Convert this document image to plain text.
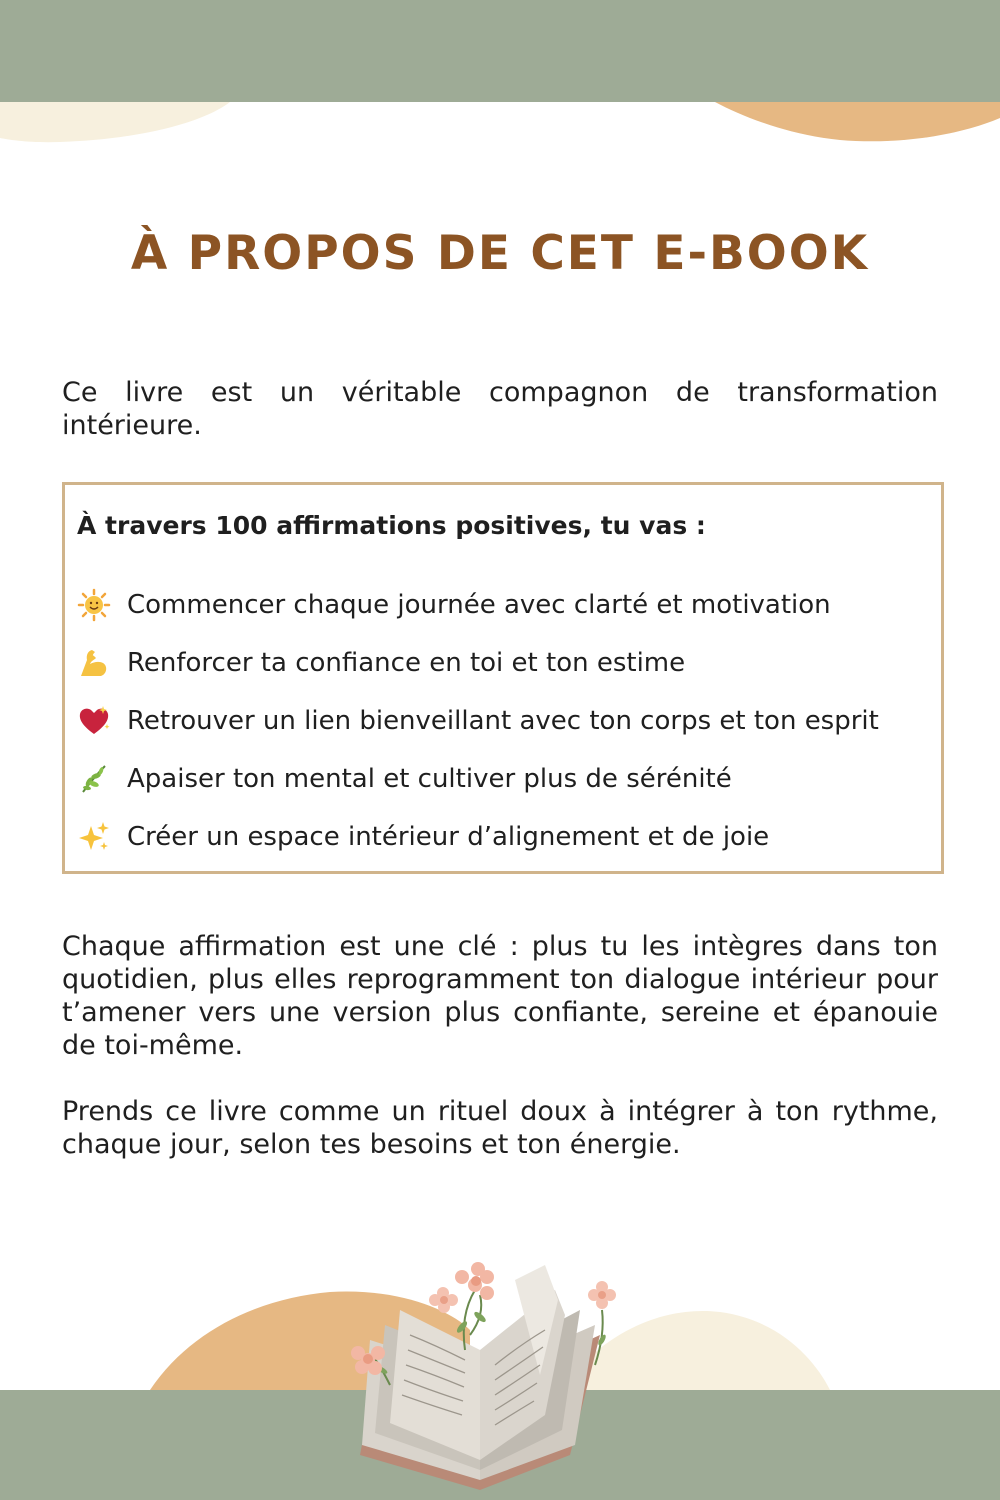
À PROPOS DE CET E-BOOK

Ce livre est un véritable compagnon de transformation intérieure.

À travers 100 affirmations positives, tu vas :

Commencer chaque journée avec clarté et motivation
Renforcer ta confiance en toi et ton estime
Retrouver un lien bienveillant avec ton corps et ton esprit
Apaiser ton mental et cultiver plus de sérénité
Créer un espace intérieur d’alignement et de joie

Chaque affirmation est une clé : plus tu les intègres dans ton quotidien, plus elles reprogramment ton dialogue intérieur pour t’amener vers une version plus confiante, sereine et épanouie de toi-même.

Prends ce livre comme un rituel doux à intégrer à ton rythme, chaque jour, selon tes besoins et ton énergie.
